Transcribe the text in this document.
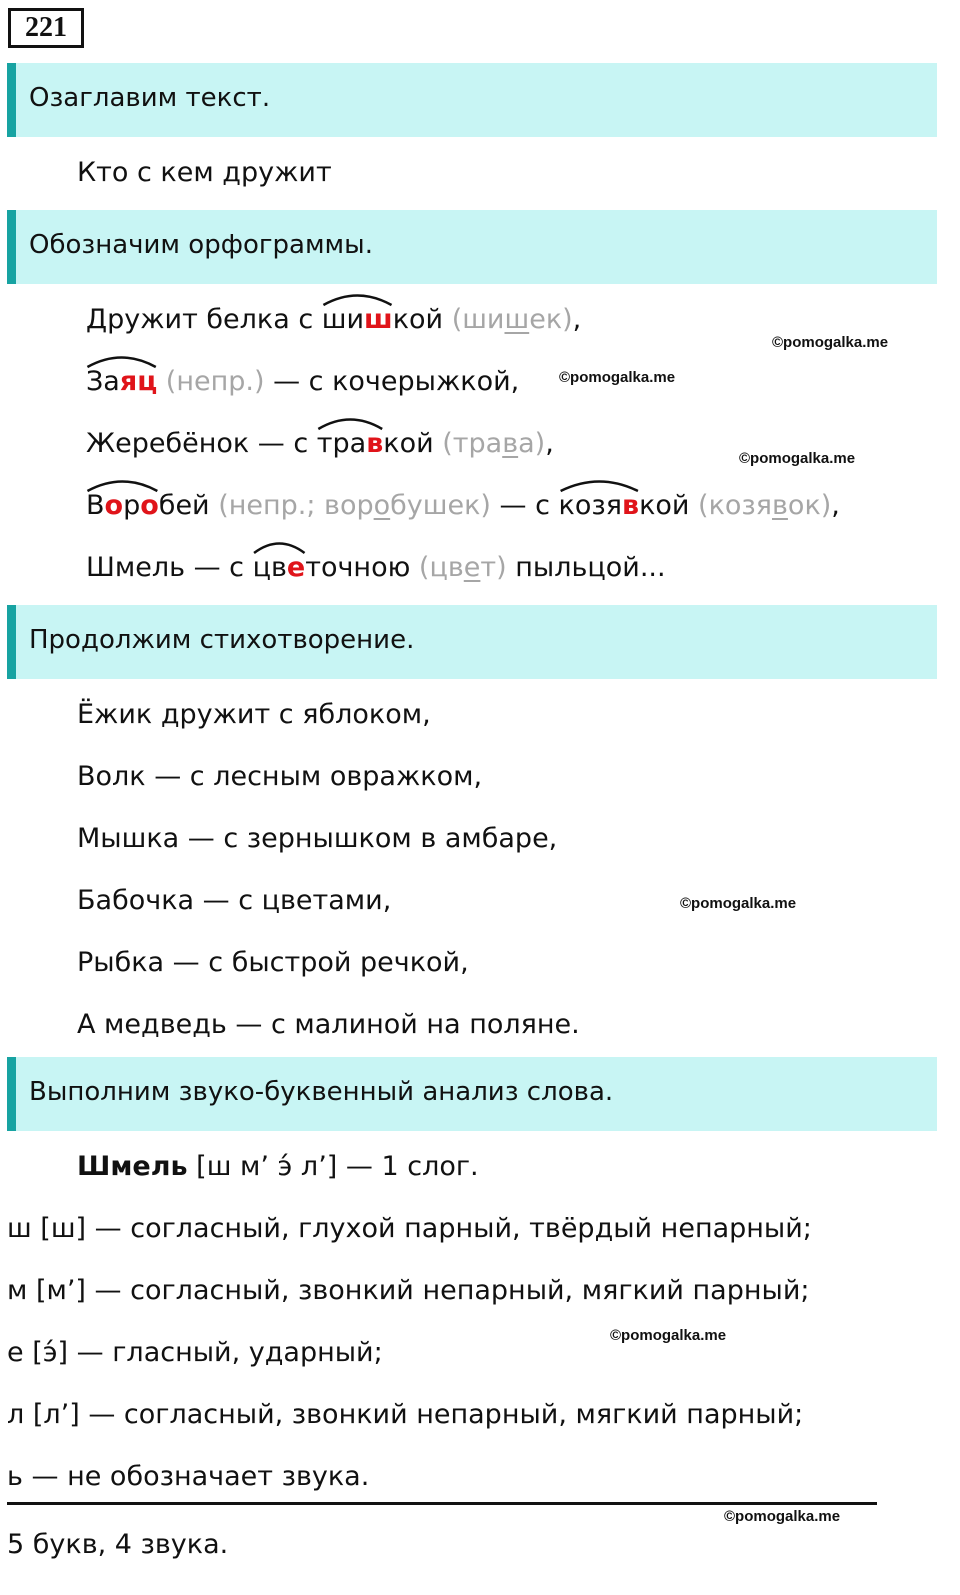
221
Озаглавим текст.
Кто с кем дружит
Обозначим орфограммы.
Дружит белка с шиш
кой (шишек),
©pomogalka.me
Заяц
(непр.) — с кочерыжкой,	©pomogalka.me
Жеребёнок — с трав
кой (трава),	©pomogalka.me
Воро
бей (непр.; воробушек) — с козяв
кой (козявок),
Шмель — с цве
точною (цвет) пыльцой...
Продолжим стихотворение.
Ёжик дружит с яблоком,
Волк — с лесным овражком,
Мышка — с зернышком в амбаре,
Бабочка — с цветами,	©pomogalka.me
Рыбка — с быстрой речкой,
А медведь — с малиной на поляне.
Выполним звуко-буквенный анализ слова.
Шмель [ш м’ э́ л’] — 1 слог.
ш [ш] — согласный, глухой парный, твёрдый непарный;
м [м’] — согласный, звонкий непарный, мягкий парный;
©pomogalka.me
е [э́] — гласный, ударный;
л [л’] — согласный, звонкий непарный, мягкий парный;
ь — не обозначает звука.
©pomogalka.me
5 букв, 4 звука.
